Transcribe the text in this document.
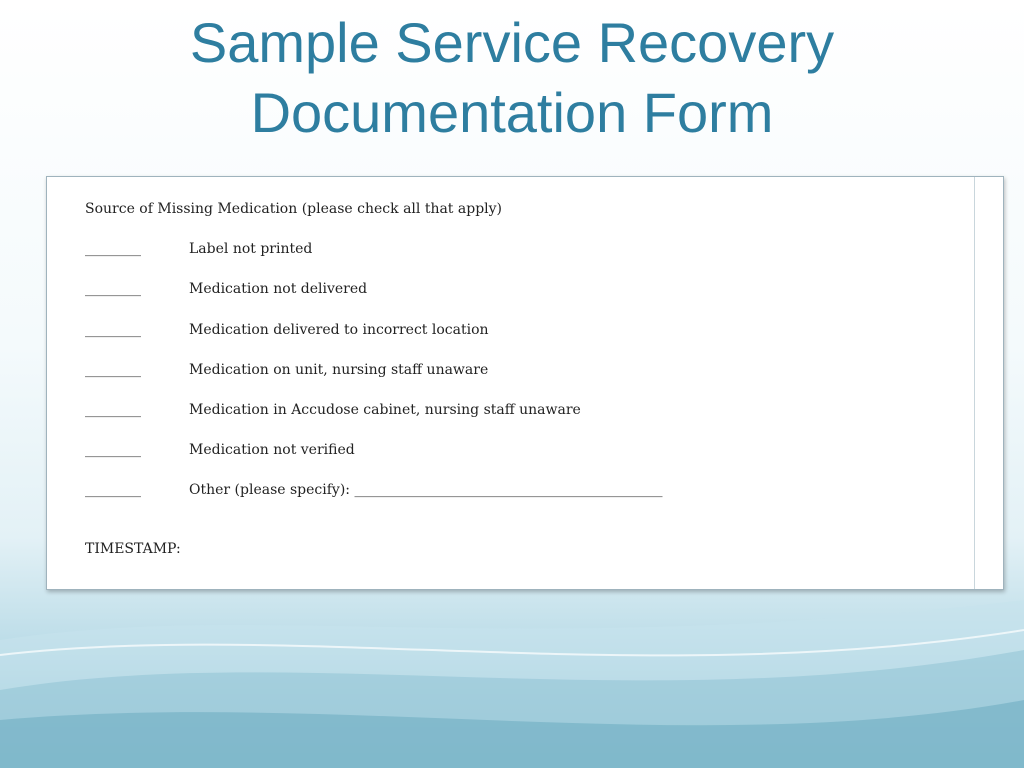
Sample Service Recovery
Documentation Form
Source of Missing Medication (please check all that apply)
________	Label not printed
________	Medication not delivered
________	Medication delivered to incorrect location
________	Medication on unit, nursing staff unaware
________	Medication in Accudose cabinet, nursing staff unaware
________	Medication not verified
________	Other (please specify): ____________________________________________
TIMESTAMP:
